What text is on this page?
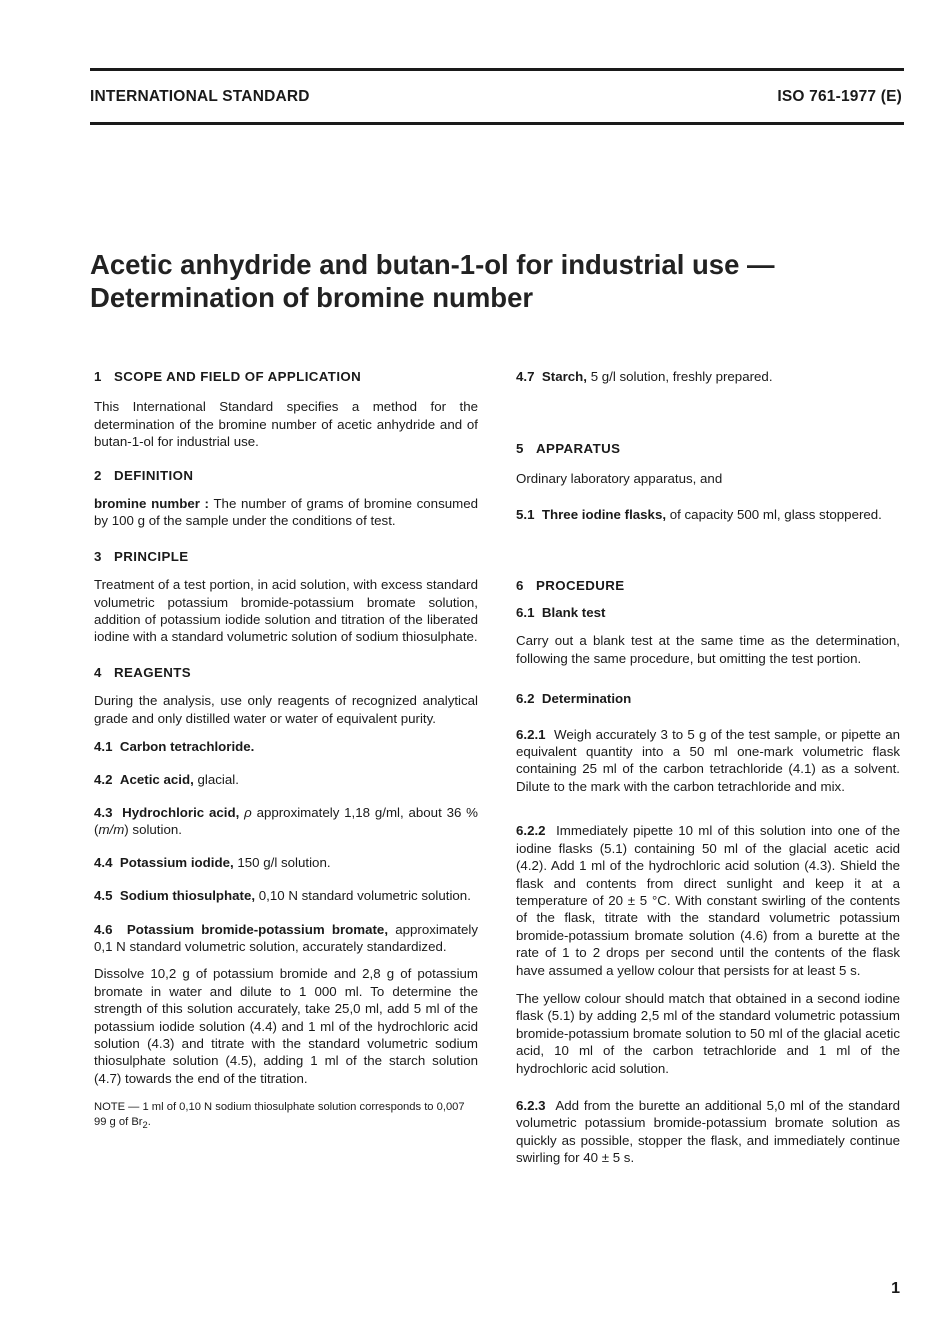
INTERNATIONAL STANDARD	ISO 761-1977 (E)
Acetic anhydride and butan-1-ol for industrial use —
Determination of bromine number
1 SCOPE AND FIELD OF APPLICATION

This International Standard specifies a method for the determination of the bromine number of acetic anhydride and of butan-1-ol for industrial use.

2 DEFINITION

bromine number : The number of grams of bromine consumed by 100 g of the sample under the conditions of test.

3 PRINCIPLE

Treatment of a test portion, in acid solution, with excess standard volumetric potassium bromide-potassium bromate solution, addition of potassium iodide solution and titration of the liberated iodine with a standard volumetric solution of sodium thiosulphate.

4 REAGENTS

During the analysis, use only reagents of recognized analytical grade and only distilled water or water of equivalent purity.

4.1 Carbon tetrachloride.

4.2 Acetic acid, glacial.

4.3 Hydrochloric acid, ρ approximately 1,18 g/ml, about 36 % (m/m) solution.

4.4 Potassium iodide, 150 g/l solution.

4.5 Sodium thiosulphate, 0,10 N standard volumetric solution.

4.6 Potassium bromide-potassium bromate, approximately 0,1 N standard volumetric solution, accurately standardized.

Dissolve 10,2 g of potassium bromide and 2,8 g of potassium bromate in water and dilute to 1 000 ml. To determine the strength of this solution accurately, take 25,0 ml, add 5 ml of the potassium iodide solution (4.4) and 1 ml of the hydrochloric acid solution (4.3) and titrate with the standard volumetric sodium thiosulphate solution (4.5), adding 1 ml of the starch solution (4.7) towards the end of the titration.

NOTE — 1 ml of 0,10 N sodium thiosulphate solution corresponds to 0,007 99 g of $Br_2$.

4.7 Starch, 5 g/l solution, freshly prepared.

5 APPARATUS

Ordinary laboratory apparatus, and

5.1 Three iodine flasks, of capacity 500 ml, glass stoppered.

6 PROCEDURE

6.1 Blank test

Carry out a blank test at the same time as the determination, following the same procedure, but omitting the test portion.

6.2 Determination

6.2.1 Weigh accurately 3 to 5 g of the test sample, or pipette an equivalent quantity into a 50 ml one-mark volumetric flask containing 25 ml of the carbon tetrachloride (4.1) as a solvent. Dilute to the mark with the carbon tetrachloride and mix.

6.2.2 Immediately pipette 10 ml of this solution into one of the iodine flasks (5.1) containing 50 ml of the glacial acetic acid (4.2). Add 1 ml of the hydrochloric acid solution (4.3). Shield the flask and contents from direct sunlight and keep it at a temperature of 20 ± 5 °C. With constant swirling of the contents of the flask, titrate with the standard volumetric potassium bromide-potassium bromate solution (4.6) from a burette at the rate of 1 to 2 drops per second until the contents of the flask have assumed a yellow colour that persists for at least 5 s.

The yellow colour should match that obtained in a second iodine flask (5.1) by adding 2,5 ml of the standard volumetric potassium bromide-potassium bromate solution to 50 ml of the glacial acetic acid, 10 ml of the carbon tetrachloride and 1 ml of the hydrochloric acid solution.

6.2.3 Add from the burette an additional 5,0 ml of the standard volumetric potassium bromide-potassium bromate solution as quickly as possible, stopper the flask, and immediately continue swirling for 40 ± 5 s.

1
